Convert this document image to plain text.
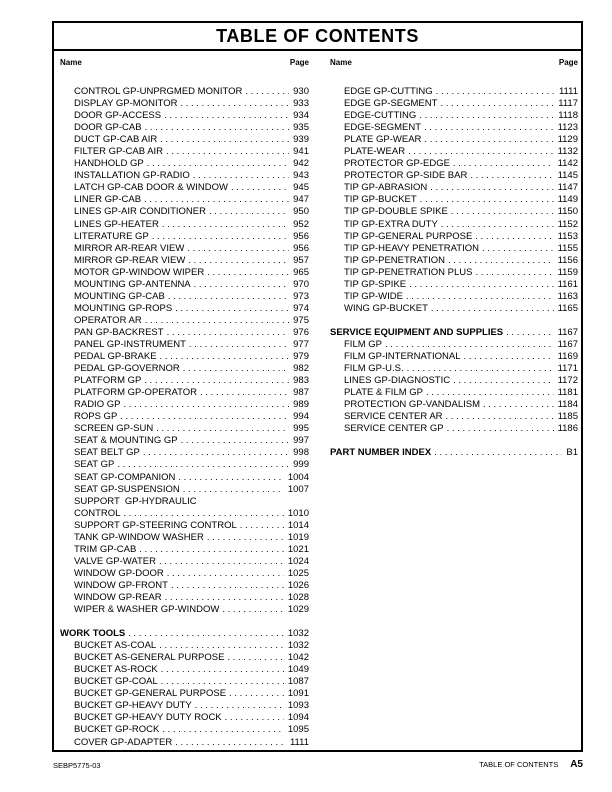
TABLE OF CONTENTS
Name	Page
CONTROL GP-UNPRGMED MONITOR . . .	930
DISPLAY GP-MONITOR . . .	933
DOOR GP-ACCESS . . .	934
DOOR GP-CAB . . .	935
DUCT GP-CAB AIR . . .	939
FILTER GP-CAB AIR . . .	941
HANDHOLD GP . . .	942
INSTALLATION GP-RADIO . . .	943
LATCH GP-CAB DOOR & WINDOW . . .	945
LINER GP-CAB . . .	947
LINES GP-AIR CONDITIONER . . .	950
LINES GP-HEATER . . .	952
LITERATURE GP . . .	956
MIRROR AR-REAR VIEW . . .	956
MIRROR GP-REAR VIEW . . .	957
MOTOR GP-WINDOW WIPER . . .	965
MOUNTING GP-ANTENNA . . .	970
MOUNTING GP-CAB . . .	973
MOUNTING GP-ROPS . . .	974
OPERATOR AR . . .	975
PAN GP-BACKREST . . .	976
PANEL GP-INSTRUMENT . . .	977
PEDAL GP-BRAKE . . .	979
PEDAL GP-GOVERNOR . . .	982
PLATFORM GP . . .	983
PLATFORM GP-OPERATOR . . .	987
RADIO GP . . .	989
ROPS GP . . .	994
SCREEN GP-SUN . . .	995
SEAT & MOUNTING GP . . .	997
SEAT BELT GP . . .	998
SEAT GP . . .	999
SEAT GP-COMPANION . . .	1004
SEAT GP-SUSPENSION . . .	1007
SUPPORT  GP-HYDRAULIC
CONTROL . . .	1010
SUPPORT GP-STEERING CONTROL . . .	1014
TANK GP-WINDOW WASHER . . .	1019
TRIM GP-CAB . . .	1021
VALVE GP-WATER . . .	1024
WINDOW GP-DOOR . . .	1025
WINDOW GP-FRONT . . .	1026
WINDOW GP-REAR . . .	1028
WIPER & WASHER GP-WINDOW . . .	1029
WORK TOOLS . . .	1032
BUCKET AS-COAL . . .	1032
BUCKET AS-GENERAL PURPOSE . . .	1042
BUCKET AS-ROCK . . .	1049
BUCKET GP-COAL . . .	1087
BUCKET GP-GENERAL PURPOSE . . .	1091
BUCKET GP-HEAVY DUTY . . .	1093
BUCKET GP-HEAVY DUTY ROCK . . .	1094
BUCKET GP-ROCK . . .	1095
COVER GP-ADAPTER . . .	1111
Name	Page
EDGE GP-CUTTING . . .	1111
EDGE GP-SEGMENT . . .	1117
EDGE-CUTTING . . .	1118
EDGE-SEGMENT . . .	1123
PLATE GP-WEAR . . .	1129
PLATE-WEAR . . .	1132
PROTECTOR GP-EDGE . . .	1142
PROTECTOR GP-SIDE BAR . . .	1145
TIP GP-ABRASION . . .	1147
TIP GP-BUCKET . . .	1149
TIP GP-DOUBLE SPIKE . . .	1150
TIP GP-EXTRA DUTY . . .	1152
TIP GP-GENERAL PURPOSE . . .	1153
TIP GP-HEAVY PENETRATION . . .	1155
TIP GP-PENETRATION . . .	1156
TIP GP-PENETRATION PLUS . . .	1159
TIP GP-SPIKE . . .	1161
TIP GP-WIDE . . .	1163
WING GP-BUCKET . . .	1165
SERVICE EQUIPMENT AND SUPPLIES . . .	1167
FILM GP . . .	1167
FILM GP-INTERNATIONAL . . .	1169
FILM GP-U.S. . . .	1171
LINES GP-DIAGNOSTIC . . .	1172
PLATE & FILM GP . . .	1181
PROTECTION GP-VANDALISM . . .	1184
SERVICE CENTER AR . . .	1185
SERVICE CENTER GP . . .	1186
PART NUMBER INDEX . . .	B1
SEBP5775-03	TABLE OF CONTENTS A5
